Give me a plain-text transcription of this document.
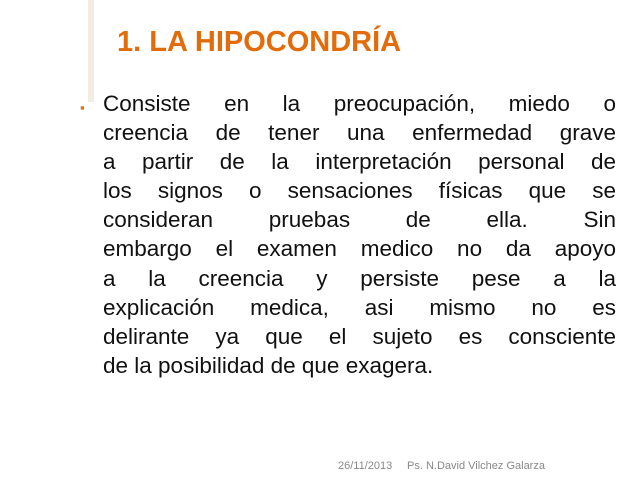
1. LA HIPOCONDRÍA
▪ Consiste en la preocupación, miedo o
creencia de tener una enfermedad grave
a partir de la interpretación personal de
los signos o sensaciones físicas que se
consideran pruebas de ella. Sin
embargo el examen medico no da apoyo
a la creencia y persiste pese a la
explicación medica, asi mismo no es
delirante ya que el sujeto es consciente
de la posibilidad de que exagera.
26/11/2013 Ps. N.David Vilchez Galarza
